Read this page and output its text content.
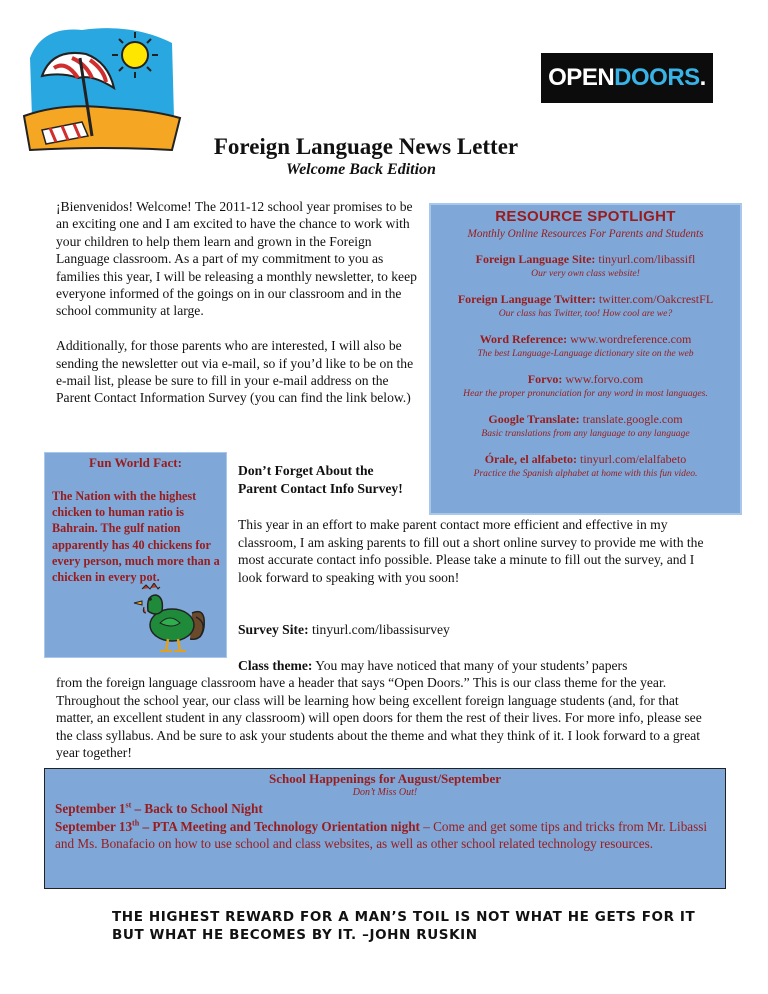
OPENDOORS.
Foreign Language News Letter
Welcome Back Edition

¡Bienvenidos! Welcome! The 2011-12 school year promises to be an exciting one and I am excited to have the chance to work with your children to help them learn and grown in the Foreign Language classroom. As a part of my commitment to you as families this year, I will be releasing a monthly newsletter, to keep everyone informed of the goings on in our classroom and in the school community at large.

Additionally, for those parents who are interested, I will also be sending the newsletter out via e-mail, so if you’d like to be on the e-mail list, please be sure to fill in your e-mail address on the Parent Contact Information Survey (you can find the link below.)

RESOURCE SPOTLIGHT
Monthly Online Resources For Parents and Students
Foreign Language Site: tinyurl.com/libassifl
Our very own class website!
Foreign Language Twitter: twitter.com/OakcrestFL
Our class has Twitter, too! How cool are we?
Word Reference: www.wordreference.com
The best Language-Language dictionary site on the web
Forvo: www.forvo.com
Hear the proper pronunciation for any word in most languages.
Google Translate: translate.google.com
Basic translations from any language to any language
Órale, el alfabeto: tinyurl.com/elalfabeto
Practice the Spanish alphabet at home with this fun video.
Fun World Fact:
The Nation with the highest chicken to human ratio is Bahrain. The gulf nation apparently has 40 chickens for every person, much more than a chicken in every pot.
Don’t Forget About the Parent Contact Info Survey!
This year in an effort to make parent contact more efficient and effective in my classroom, I am asking parents to fill out a short online survey to provide me with the most accurate contact info possible. Please take a minute to fill out the survey, and I look forward to speaking with you soon!
Survey Site: tinyurl.com/libassisurvey
Class theme: You may have noticed that many of your students’ papers
from the foreign language classroom have a header that says “Open Doors.” This is our class theme for the year. Throughout the school year, our class will be learning how being excellent foreign language students (and, for that matter, an excellent student in any classroom) will open doors for them the rest of their lives. For more info, please see the class syllabus. And be sure to ask your students about the theme and what they think of it. I look forward to a great year together!
School Happenings for August/September
Don’t Miss Out!
September 1st – Back to School Night
September 13th – PTA Meeting and Technology Orientation night – Come and get some tips and tricks from Mr. Libassi and Ms. Bonafacio on how to use school and class websites, as well as other school related technology resources.
THE HIGHEST REWARD FOR A MAN’S TOIL IS NOT WHAT HE GETS FOR IT BUT WHAT HE BECOMES BY IT. –JOHN RUSKIN
